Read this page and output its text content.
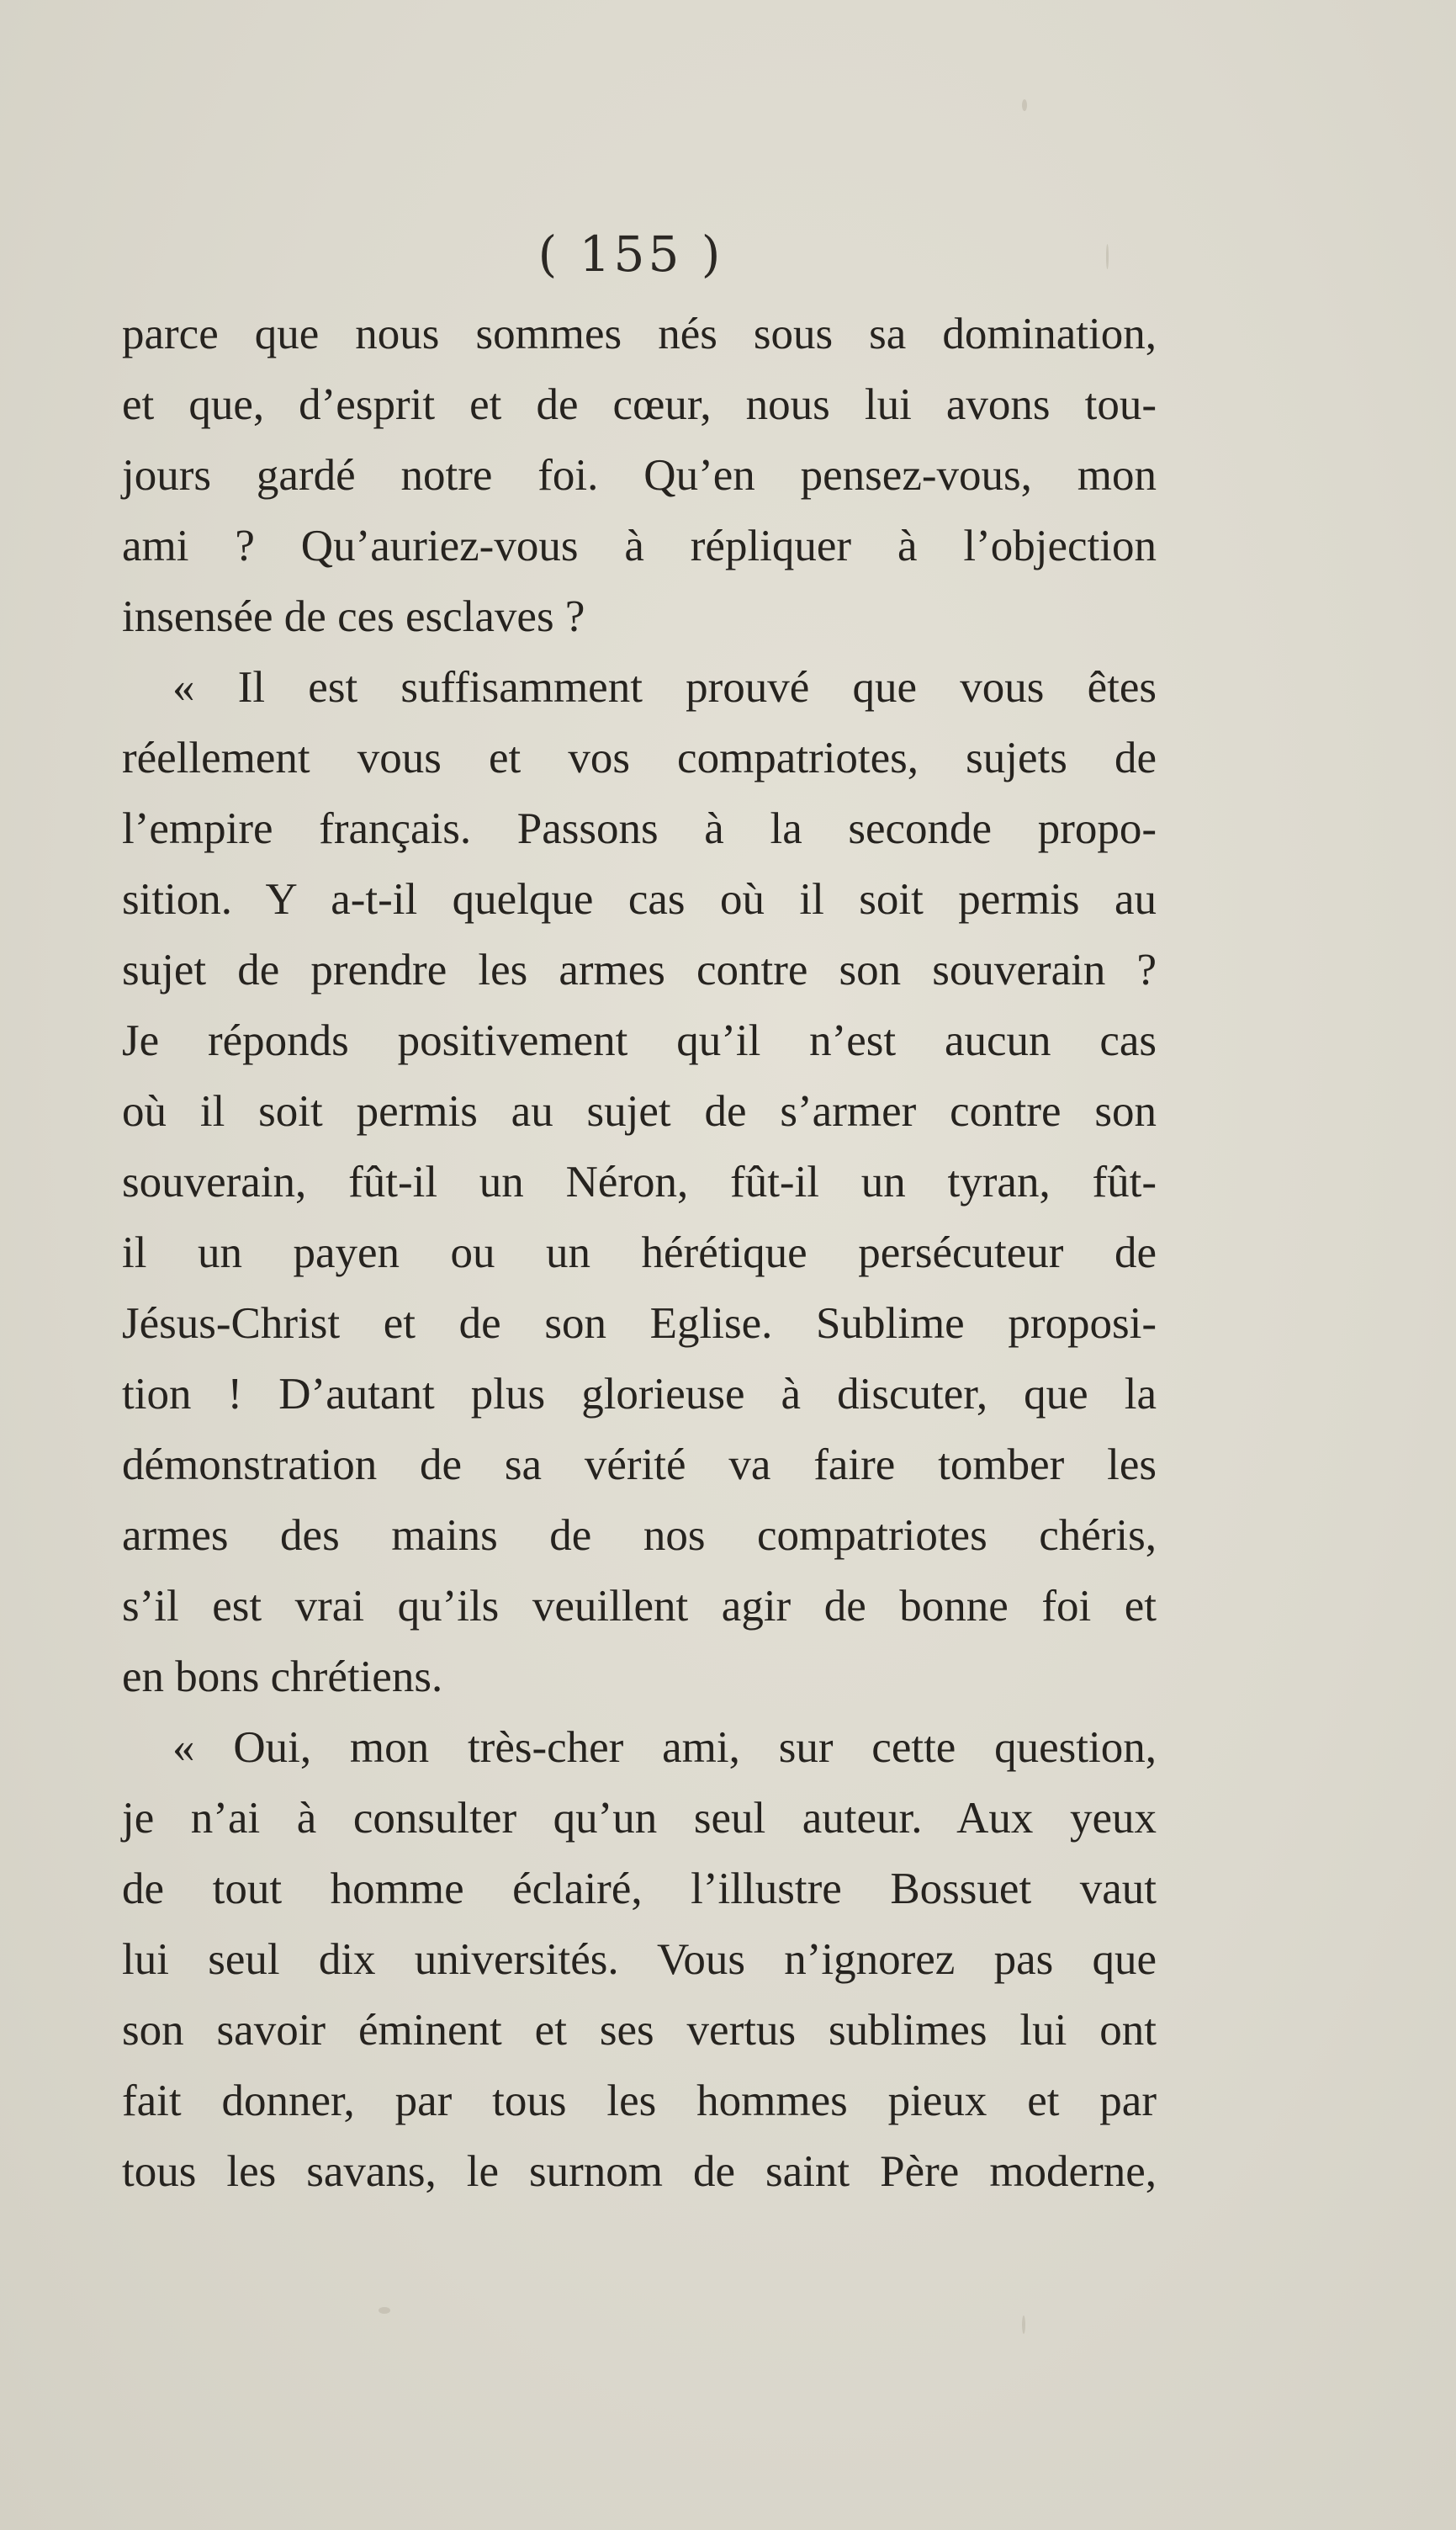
( 155 )
parce que nous sommes nés sous sa domination,
et que, d’esprit et de cœur, nous lui avons tou-
jours gardé notre foi. Qu’en pensez-vous, mon
ami ? Qu’auriez-vous à répliquer à l’objection
insensée de ces esclaves ?
« Il est suffisamment prouvé que vous êtes
réellement vous et vos compatriotes, sujets de
l’empire français. Passons à la seconde propo-
sition. Y a-t-il quelque cas où il soit permis au
sujet de prendre les armes contre son souverain ?
Je réponds positivement qu’il n’est aucun cas
où il soit permis au sujet de s’armer contre son
souverain, fût-il un Néron, fût-il un tyran, fût-
il un payen ou un hérétique persécuteur de
Jésus-Christ et de son Eglise. Sublime proposi-
tion ! D’autant plus glorieuse à discuter, que la
démonstration de sa vérité va faire tomber les
armes des mains de nos compatriotes chéris,
s’il est vrai qu’ils veuillent agir de bonne foi et
en bons chrétiens.
« Oui, mon très-cher ami, sur cette question,
je n’ai à consulter qu’un seul auteur. Aux yeux
de tout homme éclairé, l’illustre Bossuet vaut
lui seul dix universités. Vous n’ignorez pas que
son savoir éminent et ses vertus sublimes lui ont
fait donner, par tous les hommes pieux et par
tous les savans, le surnom de saint Père moderne,
